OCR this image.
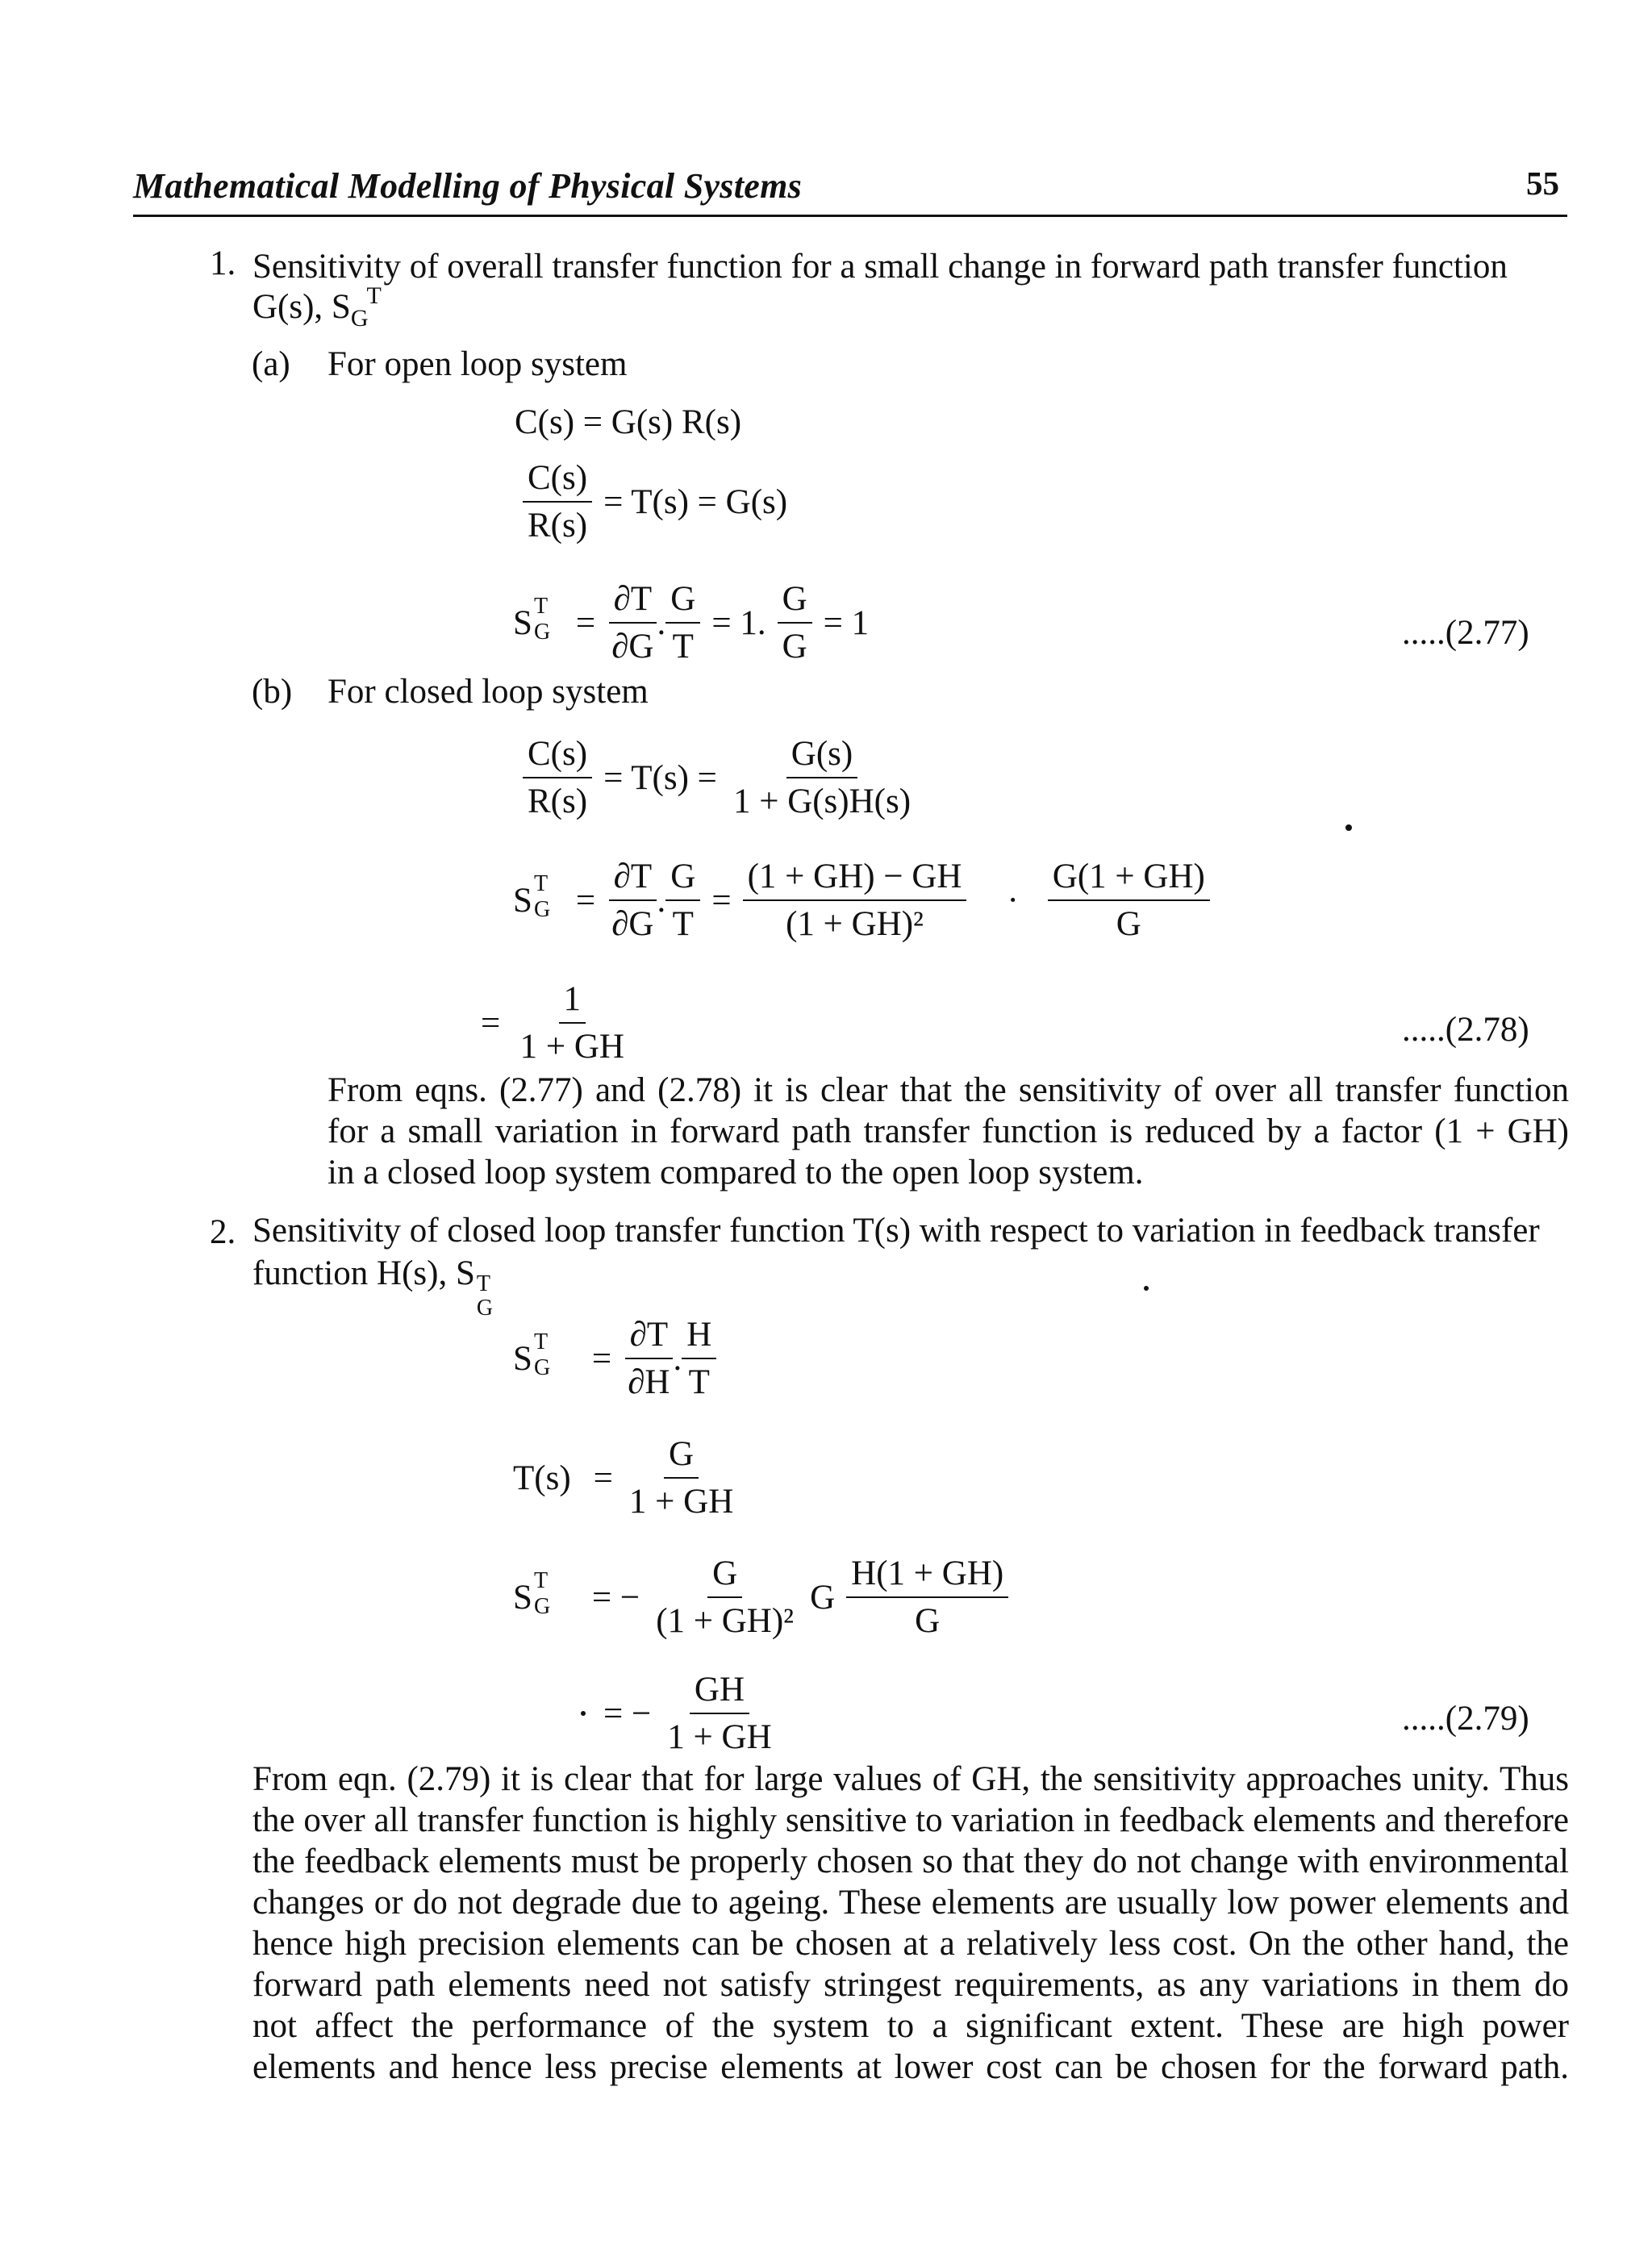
Mathematical Modelling of Physical Systems	55
1. Sensitivity of overall transfer function for a small change in forward path transfer function
G(s), $S_G^T$
(a) For open loop system
C(s) = G(s) R(s)
$\frac{C(s)}{R(s)} = T(s) = G(s)$
S T
$G = \frac{\partial T}{\partial G}$
. $\frac{G}{T} = 1$. $\frac{G}{G} = 1$	.....(2.77)
(b) For closed loop system
$\frac{C(s)}{R(s)} = T(s) = \frac{G(s)}{1 + G(s)H(s)}$
S T
$G = \frac{\partial T}{\partial G}$
. $\frac{G}{T} = \frac{(1 + GH) - GH}{\text{(1 + GH)²}} \cdot \frac{G(1 + GH)}{G}$
= $\frac{1}{1 + GH}$	.....(2.78)
From eqns. (2.77) and (2.78) it is clear that the sensitivity of over all transfer function
for a small variation in forward path transfer function is reduced by a factor (1 + GH)
in a closed loop system compared to the open loop system.
2. Sensitivity of closed loop transfer function T(s) with respect to variation in feedback transfer
function H(s), S T
G
S T
$G = \frac{\partial T}{\partial H}$
. $\frac{H}{T}$
$T(s) = \frac{G}{1 + GH}$
S T
G = − $\frac{G}{\text{(1 + GH)²}}$ G $\frac{H(1 + GH)}{G}$
= − $\frac{GH}{1 + GH}$	.....(2.79)
From eqn. (2.79) it is clear that for large values of GH, the sensitivity approaches unity. Thus
the over all transfer function is highly sensitive to variation in feedback elements and therefore
the feedback elements must be properly chosen so that they do not change with environmental
changes or do not degrade due to ageing. These elements are usually low power elements and
hence high precision elements can be chosen at a relatively less cost. On the other hand, the
forward path elements need not satisfy stringest requirements, as any variations in them do
not affect the performance of the system to a significant extent. These are high power
elements and hence less precise elements at lower cost can be chosen for the forward path.
